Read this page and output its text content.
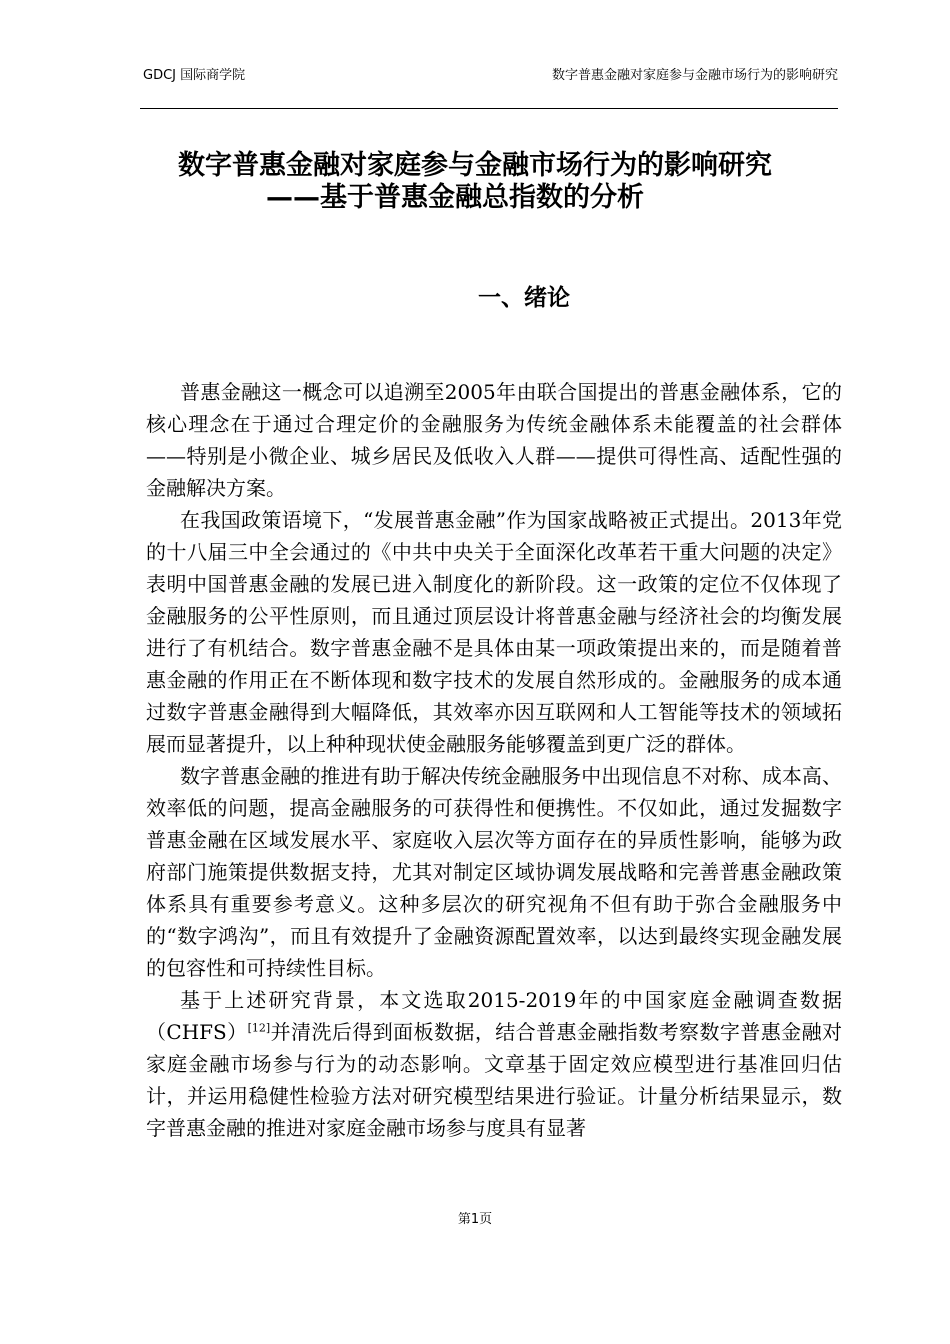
GDCJ 国际商学院	数字普惠金融对家庭参与金融市场行为的影响研究
数字普惠金融对家庭参与金融市场行为的影响研究
——基于普惠金融总指数的分析
一、绪论

普惠金融这一概念可以追溯至2005年由联合国提出的普惠金融体系，它的核心理念在于通过合理定价的金融服务为传统金融体系未能覆盖的社会群体——特别是小微企业、城乡居民及低收入人群——提供可得性高、适配性强的金融解决方案。

在我国政策语境下，“发展普惠金融”作为国家战略被正式提出。2013年党的十八届三中全会通过的《中共中央关于全面深化改革若干重大问题的决定》表明中国普惠金融的发展已进入制度化的新阶段。这一政策的定位不仅体现了金融服务的公平性原则，而且通过顶层设计将普惠金融与经济社会的均衡发展进行了有机结合。数字普惠金融不是具体由某一项政策提出来的，而是随着普惠金融的作用正在不断体现和数字技术的发展自然形成的。金融服务的成本通过数字普惠金融得到大幅降低，其效率亦因互联网和人工智能等技术的领域拓展而显著提升，以上种种现状使金融服务能够覆盖到更广泛的群体。

数字普惠金融的推进有助于解决传统金融服务中出现信息不对称、成本高、效率低的问题，提高金融服务的可获得性和便携性。不仅如此，通过发掘数字普惠金融在区域发展水平、家庭收入层次等方面存在的异质性影响，能够为政府部门施策提供数据支持，尤其对制定区域协调发展战略和完善普惠金融政策体系具有重要参考意义。这种多层次的研究视角不但有助于弥合金融服务中的“数字鸿沟”，而且有效提升了金融资源配置效率，以达到最终实现金融发展的包容性和可持续性目标。

基于上述研究背景，本文选取2015-2019年的中国家庭金融调查数据（CHFS）[12]并清洗后得到面板数据，结合普惠金融指数考察数字普惠金融对家庭金融市场参与行为的动态影响。文章基于固定效应模型进行基准回归估计，并运用稳健性检验方法对研究模型结果进行验证。计量分析结果显示，数字普惠金融的推进对家庭金融市场参与度具有显著

第1页
